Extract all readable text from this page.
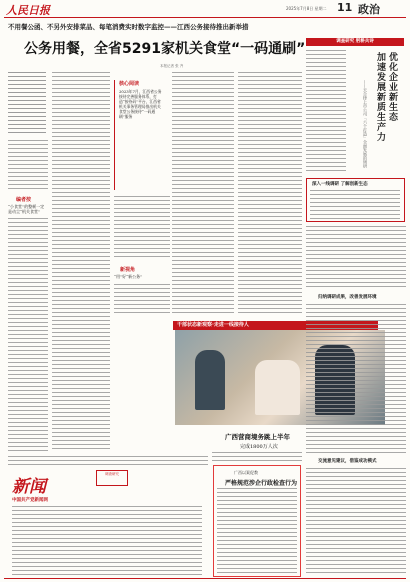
人民日报	2025年7月8日 星期二 11 政治
不用餐公函、不另外安排菜品、每笔消费实时数字监控——江西公务接待推出新举措
公务用餐，全省5291家机关食堂“一码通刷”
本报记者 张 齐
编者按
“小食堂”的整顿一定是动尘“机关食堂”
核心阅读
2023年7月，江西省公务接待完善服务体系，打造“接待码”平台，江西省机关事务管理局推出机关食堂公务接待“一码通刷”服务
新视角
“用”好“新公务”
干部状态新观察·走进一线接待人
广西营商境务跳上半年
完成1800万人次
广西以案促教
严格规范涉企行政检查行为
调查研究 躬耕兵诗
优化企业新生态
加速发展新质生产力
——天合律上市公司「六个打造」全面发展的调研
深入一线调研 了解创新生态
归纳调研成果，改善发展环境
交流意见建议，借鉴成功模式
新闻
中国共产党新闻网
调查研究
